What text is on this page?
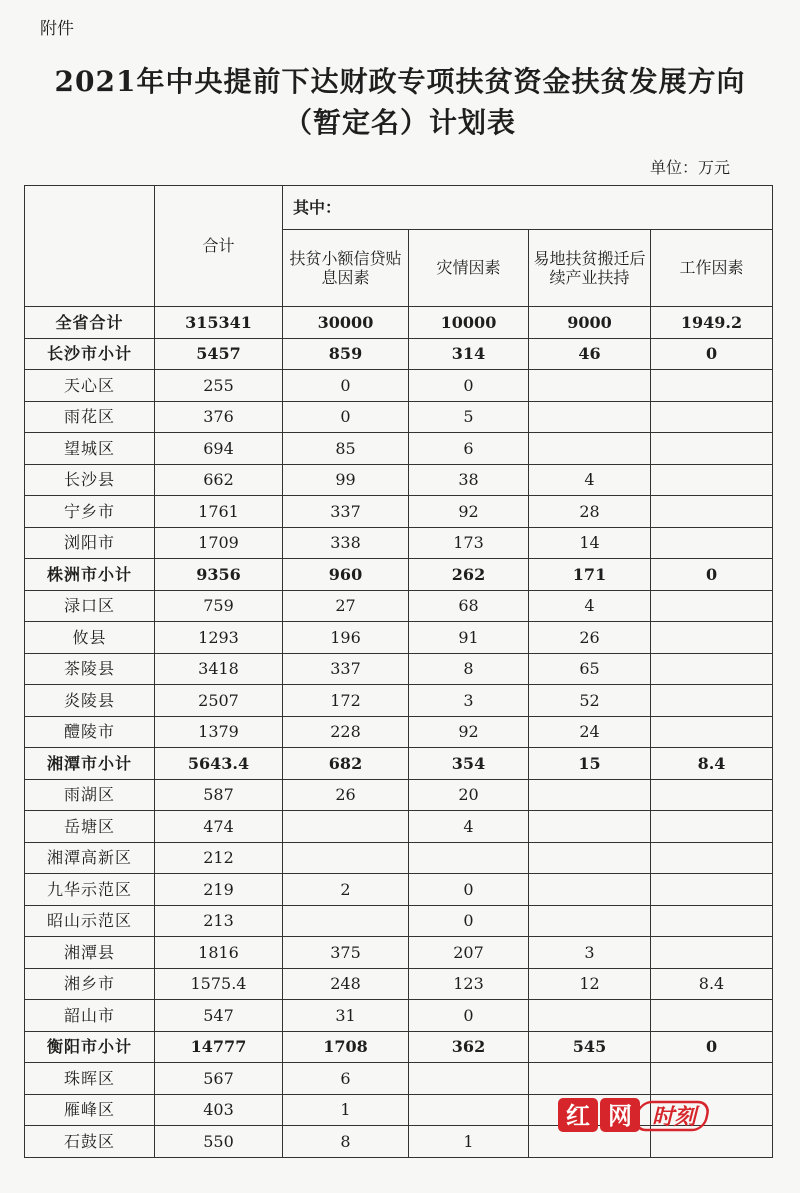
附件
2021年中央提前下达财政专项扶贫资金扶贫发展方向
（暂定名）计划表
单位：万元
	合计	其中：			
		扶贫小额信贷贴息因素	灾情因素	易地扶贫搬迁后续产业扶持	工作因素
全省合计	315341	30000	10000	9000	1949.2
长沙市小计	5457	859	314	46	0
天心区	255	0	0		
雨花区	376	0	5		
望城区	694	85	6		
长沙县	662	99	38	4	
宁乡市	1761	337	92	28	
浏阳市	1709	338	173	14	
株洲市小计	9356	960	262	171	0
渌口区	759	27	68	4	
攸县	1293	196	91	26	
茶陵县	3418	337	8	65	
炎陵县	2507	172	3	52	
醴陵市	1379	228	92	24	
湘潭市小计	5643.4	682	354	15	8.4
雨湖区	587	26	20		
岳塘区	474		4		
湘潭高新区	212				
九华示范区	219	2	0		
昭山示范区	213		0		
湘潭县	1816	375	207	3	
湘乡市	1575.4	248	123	12	8.4
韶山市	547	31	0		
衡阳市小计	14777	1708	362	545	0
珠晖区	567	6			
雁峰区	403	1			
石鼓区	550	8	1		
红 网 时刻
